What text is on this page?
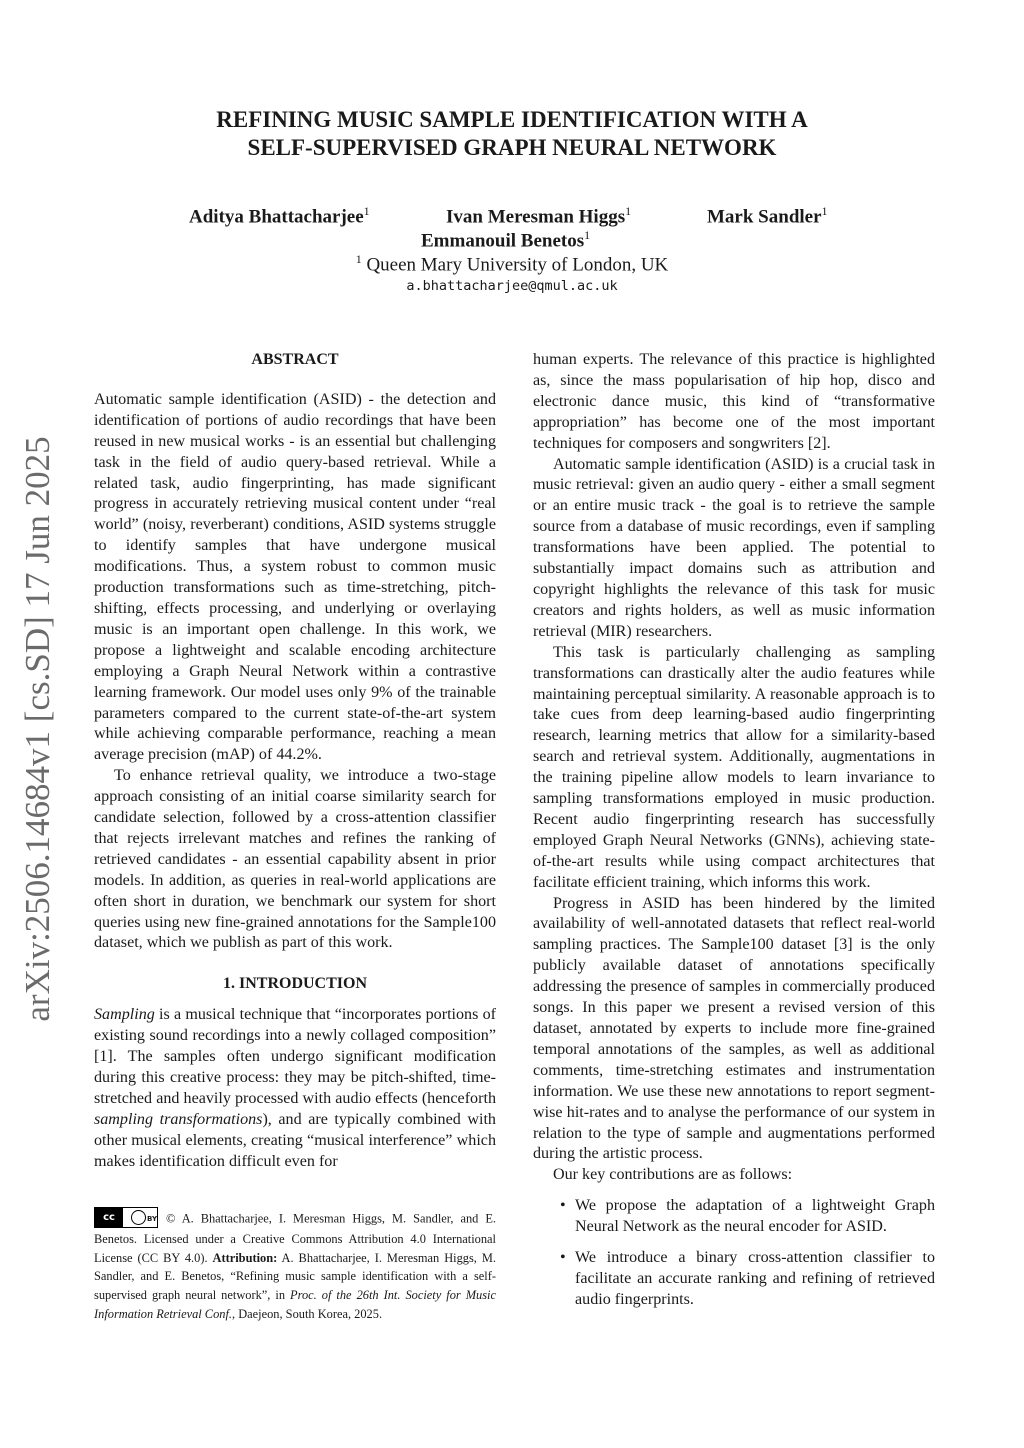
REFINING MUSIC SAMPLE IDENTIFICATION WITH A
SELF-SUPERVISED GRAPH NEURAL NETWORK
Aditya Bhattacharjee$^1$	Ivan Meresman Higgs$^1$	Mark Sandler$^1$
Emmanouil Benetos$^1$
$^1$ Queen Mary University of London, UK
a.bhattacharjee@qmul.ac.uk
arXiv:2506.14684v1 [cs.SD] 17 Jun 2025
ABSTRACT

Automatic sample identification (ASID) - the detection and identification of portions of audio recordings that have been reused in new musical works - is an essential but challenging task in the field of audio query-based retrieval. While a related task, audio fingerprinting, has made significant progress in accurately retrieving musical content under “real world” (noisy, reverberant) conditions, ASID systems struggle to identify samples that have undergone musical modifications. Thus, a system robust to common music production transformations such as time-stretching, pitch-shifting, effects processing, and underlying or overlaying music is an important open challenge. In this work, we propose a lightweight and scalable encoding architecture employing a Graph Neural Network within a contrastive learning framework. Our model uses only 9% of the trainable parameters compared to the current state-of-the-art system while achieving comparable performance, reaching a mean average precision (mAP) of 44.2%.

To enhance retrieval quality, we introduce a two-stage approach consisting of an initial coarse similarity search for candidate selection, followed by a cross-attention classifier that rejects irrelevant matches and refines the ranking of retrieved candidates - an essential capability absent in prior models. In addition, as queries in real-world applications are often short in duration, we benchmark our system for short queries using new fine-grained annotations for the Sample100 dataset, which we publish as part of this work.

1. INTRODUCTION

Sampling is a musical technique that “incorporates portions of existing sound recordings into a newly collaged composition” [1]. The samples often undergo significant modification during this creative process: they may be pitch-shifted, time-stretched and heavily processed with audio effects (henceforth sampling transformations), and are typically combined with other musical elements, creating “musical interference” which makes identification difficult even for

cc	BY © A. Bhattacharjee, I. Meresman Higgs, M. Sandler, and E. Benetos. Licensed under a Creative Commons Attribution 4.0 International License (CC BY 4.0). Attribution: A. Bhattacharjee, I. Meresman Higgs, M. Sandler, and E. Benetos, “Refining music sample identification with a self-supervised graph neural network”, in Proc. of the 26th Int. Society for Music Information Retrieval Conf., Daejeon, South Korea, 2025.

human experts. The relevance of this practice is highlighted as, since the mass popularisation of hip hop, disco and electronic dance music, this kind of “transformative appropriation” has become one of the most important techniques for composers and songwriters [2].

Automatic sample identification (ASID) is a crucial task in music retrieval: given an audio query - either a small segment or an entire music track - the goal is to retrieve the sample source from a database of music recordings, even if sampling transformations have been applied. The potential to substantially impact domains such as attribution and copyright highlights the relevance of this task for music creators and rights holders, as well as music information retrieval (MIR) researchers.

This task is particularly challenging as sampling transformations can drastically alter the audio features while maintaining perceptual similarity. A reasonable approach is to take cues from deep learning-based audio fingerprinting research, learning metrics that allow for a similarity-based search and retrieval system. Additionally, augmentations in the training pipeline allow models to learn invariance to sampling transformations employed in music production. Recent audio fingerprinting research has successfully employed Graph Neural Networks (GNNs), achieving state-of-the-art results while using compact architectures that facilitate efficient training, which informs this work.

Progress in ASID has been hindered by the limited availability of well-annotated datasets that reflect real-world sampling practices. The Sample100 dataset [3] is the only publicly available dataset of annotations specifically addressing the presence of samples in commercially produced songs. In this paper we present a revised version of this dataset, annotated by experts to include more fine-grained temporal annotations of the samples, as well as additional comments, time-stretching estimates and instrumentation information. We use these new annotations to report segment-wise hit-rates and to analyse the performance of our system in relation to the type of sample and augmentations performed during the artistic process.

Our key contributions are as follows:

• We propose the adaptation of a lightweight Graph Neural Network as the neural encoder for ASID.
• We introduce a binary cross-attention classifier to facilitate an accurate ranking and refining of retrieved audio fingerprints.
